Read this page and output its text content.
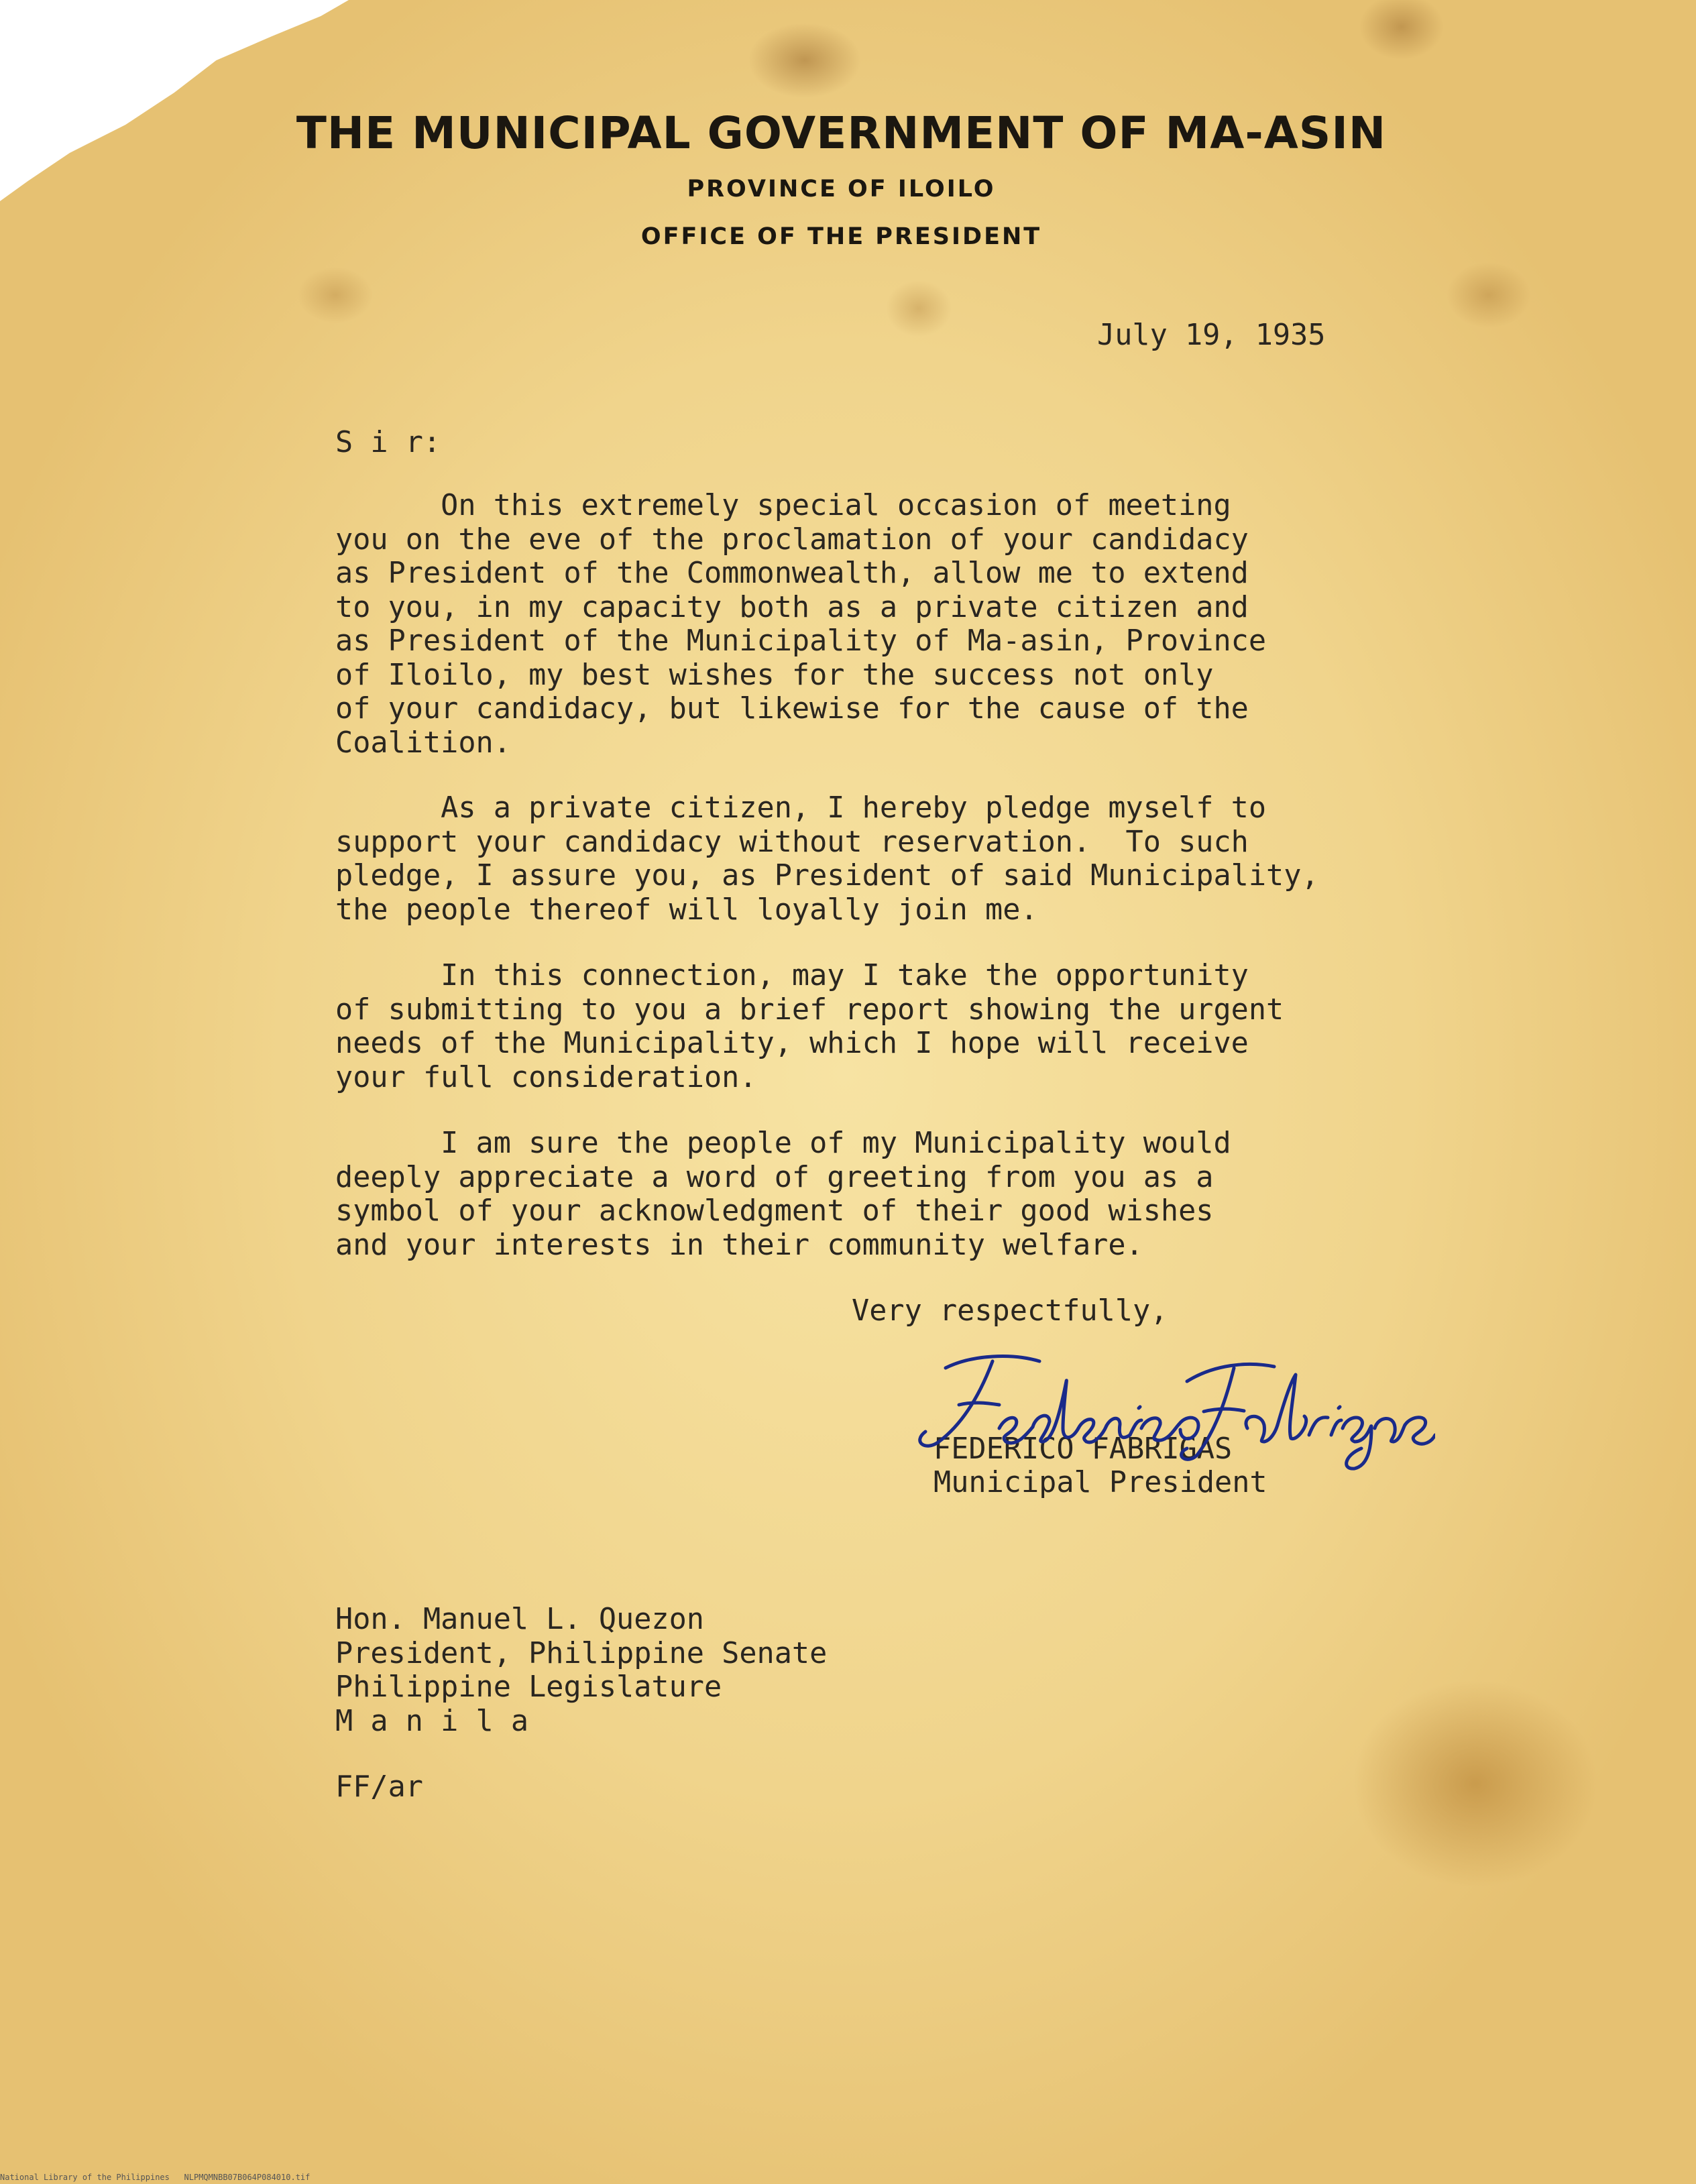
THE MUNICIPAL GOVERNMENT OF MA-ASIN
PROVINCE OF ILOILO
OFFICE OF THE PRESIDENT
July 19, 1935
S i r:
On this extremely special occasion of meeting
you on the eve of the proclamation of your candidacy
as President of the Commonwealth, allow me to extend
to you, in my capacity both as a private citizen and
as President of the Municipality of Ma-asin, Province
of Iloilo, my best wishes for the success not only
of your candidacy, but likewise for the cause of the
Coalition.
As a private citizen, I hereby pledge myself to
support your candidacy without reservation.  To such
pledge, I assure you, as President of said Municipality,
the people thereof will loyally join me.
In this connection, may I take the opportunity
of submitting to you a brief report showing the urgent
needs of the Municipality, which I hope will receive
your full consideration.
I am sure the people of my Municipality would
deeply appreciate a word of greeting from you as a
symbol of your acknowledgment of their good wishes
and your interests in their community welfare.
Very respectfully,
FEDERICO FABRIGAS
Municipal President
Hon. Manuel L. Quezon
President, Philippine Senate
Philippine Legislature
M a n i l a
FF/ar
National Library of the Philippines   NLPMQMNBB07B064P084010.tif
